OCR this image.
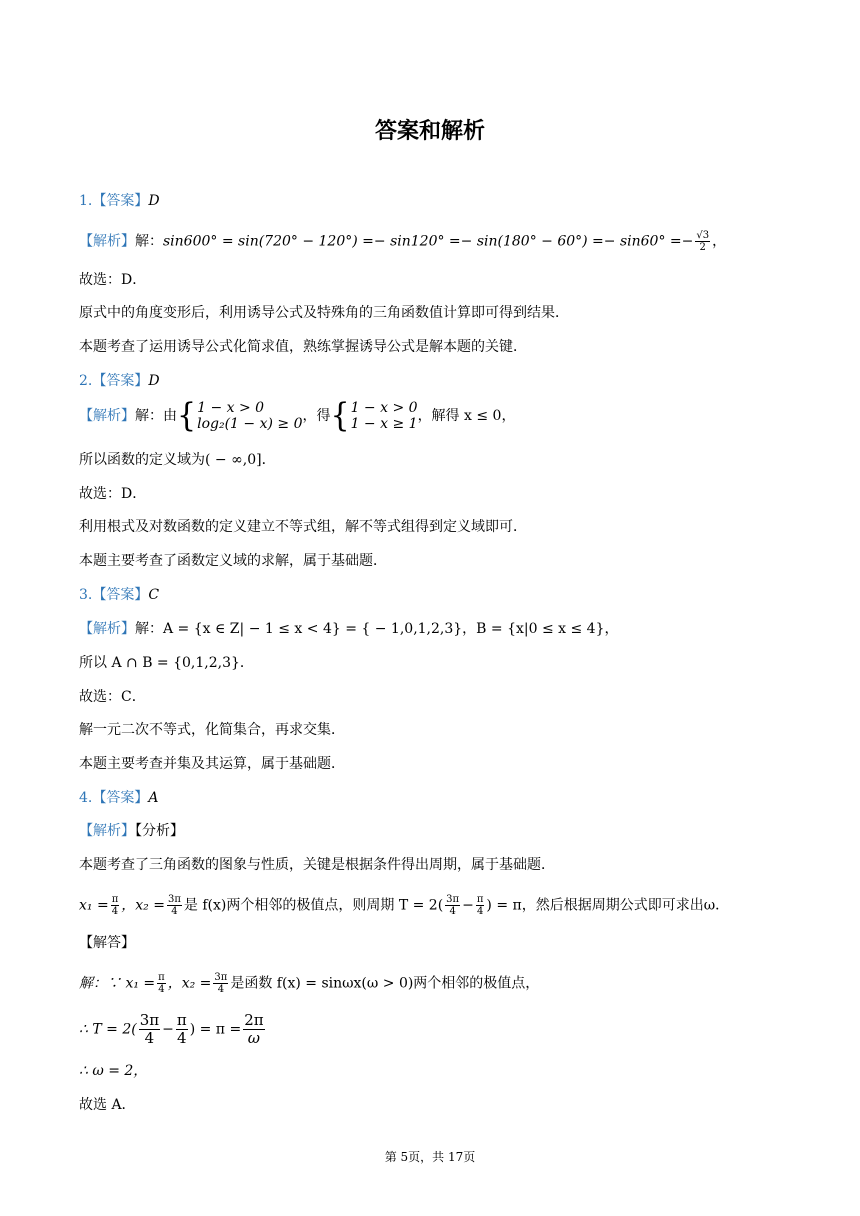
答案和解析
1.【答案】D
【解析】解：$\sin 600^\circ = \sin(720^\circ - 120^\circ) =- \sin 120^\circ =- \sin(180^\circ - 60^\circ) =- \sin 60^\circ =- \frac{√3}{2}$ ，
故选：D．
原式中的角度变形后，利用诱导公式及特殊角的三角函数值计算即可得到结果．
本题考查了运用诱导公式化简求值，熟练掌握诱导公式是解本题的关键．
2.【答案】D
【解析】解：由{ 1 − x > 0
log₂(1 − x) ≥ 0 ，得{ 1 − x > 0
1 − x ≥ 1 ，解得 x ≤ 0，
所以函数的定义域为( − ∞,0]．
故选：D．
利用根式及对数函数的定义建立不等式组，解不等式组得到定义域即可．
本题主要考查了函数定义域的求解，属于基础题．
3.【答案】C
【解析】解：A = {x ∈ Z| − 1 ≤ x < 4} = { − 1,0,1,2,3}，B = {x|0 ≤ x ≤ 4}，
所以 A ∩ B = {0,1,2,3}．
故选：C．
解一元二次不等式，化简集合，再求交集．
本题主要考查并集及其运算，属于基础题．
4.【答案】A
【解析】【分析】
本题考查了三角函数的图象与性质，关键是根据条件得出周期，属于基础题．
$x_1 = \frac{\pi}{4}$ ，$x_2 = \frac{3\pi}{4}$ 是 f(x)两个相邻的极值点，则周期 $T = 2( \frac{3\pi}{4} - \frac{\pi}{4}$ ) = π，然后根据周期公式即可求出ω．
【解答】
解：∵ $x_1 = \frac{\pi}{4}$ ，$x_2 = \frac{3\pi}{4}$ 是函数 f(x) = sinωx(ω > 0)两个相邻的极值点，
∴ $T = 2( \frac{3\pi}{4} - \frac{\pi}{4}$ ) = $\pi = \frac{2\pi}{\omega}$
∴ ω = 2，
故选 A．
第 5页，共 17页
